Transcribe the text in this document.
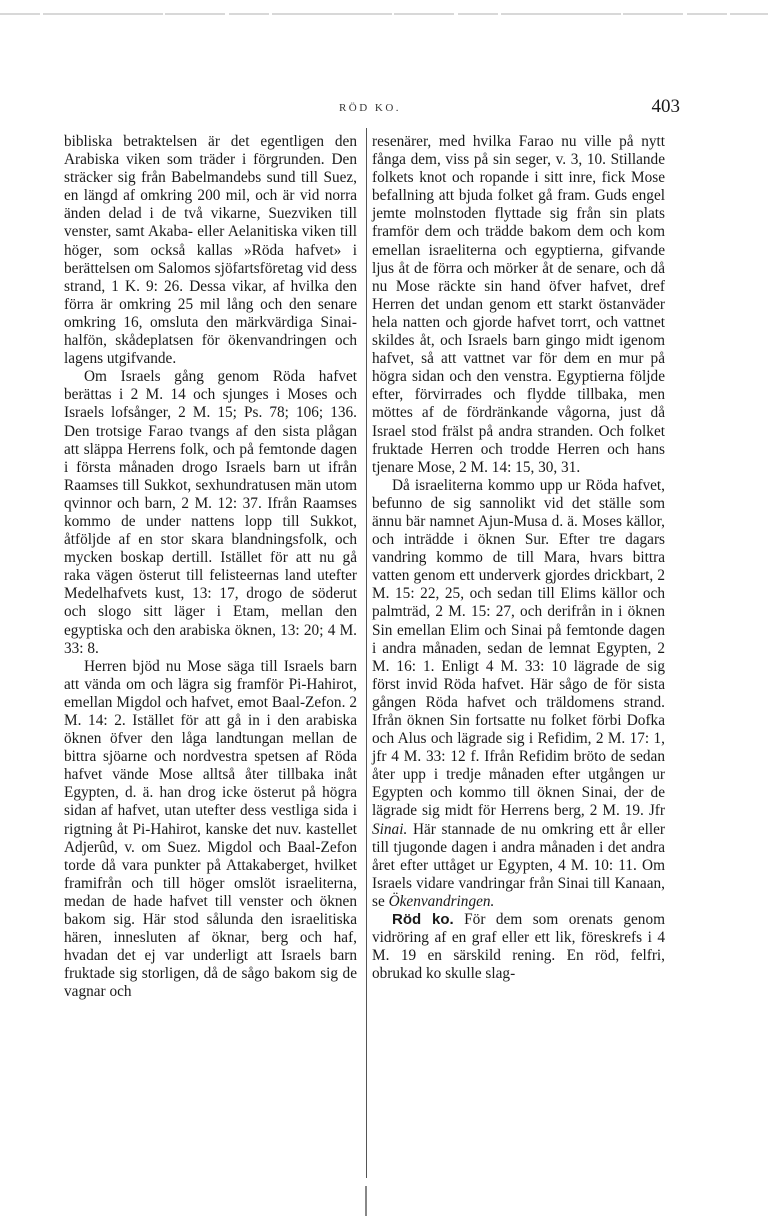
RÖD KO.	403

bibliska betraktelsen är det egentligen den Arabiska viken som träder i förgrunden. Den sträcker sig från Babelmandebs sund till Suez, en längd af omkring 200 mil, och är vid norra änden delad i de två vikarne, Suezviken till venster, samt Akaba- eller Aelanitiska viken till höger, som också kallas »Röda hafvet» i berättelsen om Salomos sjöfartsföretag vid dess strand, 1 K. 9: 26. Dessa vikar, af hvilka den förra är omkring 25 mil lång och den senare omkring 16, omsluta den märkvärdiga Sinai-halfön, skådeplatsen för ökenvandringen och lagens utgifvande.

Om Israels gång genom Röda hafvet berättas i 2 M. 14 och sjunges i Moses och Israels lofsånger, 2 M. 15; Ps. 78; 106; 136. Den trotsige Farao tvangs af den sista plågan att släppa Herrens folk, och på femtonde dagen i första månaden drogo Israels barn ut ifrån Raamses till Sukkot, sexhundratusen män utom qvinnor och barn, 2 M. 12: 37. Ifrån Raamses kommo de under nattens lopp till Sukkot, åtföljde af en stor skara blandningsfolk, och mycken boskap dertill. Istället för att nu gå raka vägen österut till felisteernas land utefter Medelhafvets kust, 13: 17, drogo de söderut och slogo sitt läger i Etam, mellan den egyptiska och den arabiska öknen, 13: 20; 4 M. 33: 8.

Herren bjöd nu Mose säga till Israels barn att vända om och lägra sig framför Pi-Hahirot, emellan Migdol och hafvet, emot Baal-Zefon. 2 M. 14: 2. Istället för att gå in i den arabiska öknen öfver den låga landtungan mellan de bittra sjöarne och nordvestra spetsen af Röda hafvet vände Mose alltså åter tillbaka inåt Egypten, d. ä. han drog icke österut på högra sidan af hafvet, utan utefter dess vestliga sida i rigtning åt Pi-Hahirot, kanske det nuv. kastellet Adjerûd, v. om Suez. Migdol och Baal-Zefon torde då vara punkter på Attakaberget, hvilket framifrån och till höger omslöt israeliterna, medan de hade hafvet till venster och öknen bakom sig. Här stod sålunda den israelitiska hären, innesluten af öknar, berg och haf, hvadan det ej var underligt att Israels barn fruktade sig storligen, då de sågo bakom sig de vagnar och

resenärer, med hvilka Farao nu ville på nytt fånga dem, viss på sin seger, v. 3, 10. Stillande folkets knot och ropande i sitt inre, fick Mose befallning att bjuda folket gå fram. Guds engel jemte molnstoden flyttade sig från sin plats framför dem och trädde bakom dem och kom emellan israeliterna och egyptierna, gifvande ljus åt de förra och mörker åt de senare, och då nu Mose räckte sin hand öfver hafvet, dref Herren det undan genom ett starkt östanväder hela natten och gjorde hafvet torrt, och vattnet skildes åt, och Israels barn gingo midt igenom hafvet, så att vattnet var för dem en mur på högra sidan och den venstra. Egyptierna följde efter, förvirrades och flydde tillbaka, men möttes af de fördränkande vågorna, just då Israel stod frälst på andra stranden. Och folket fruktade Herren och trodde Herren och hans tjenare Mose, 2 M. 14: 15, 30, 31.

Då israeliterna kommo upp ur Röda hafvet, befunno de sig sannolikt vid det ställe som ännu bär namnet Ajun-Musa d. ä. Moses källor, och inträdde i öknen Sur. Efter tre dagars vandring kommo de till Mara, hvars bittra vatten genom ett underverk gjordes drickbart, 2 M. 15: 22, 25, och sedan till Elims källor och palmträd, 2 M. 15: 27, och derifrån in i öknen Sin emellan Elim och Sinai på femtonde dagen i andra månaden, sedan de lemnat Egypten, 2 M. 16: 1. Enligt 4 M. 33: 10 lägrade de sig först invid Röda hafvet. Här sågo de för sista gången Röda hafvet och träldomens strand. Ifrån öknen Sin fortsatte nu folket förbi Dofka och Alus och lägrade sig i Refidim, 2 M. 17: 1, jfr 4 M. 33: 12 f. Ifrån Refidim bröto de sedan åter upp i tredje månaden efter utgången ur Egypten och kommo till öknen Sinai, der de lägrade sig midt för Herrens berg, 2 M. 19. Jfr Sinai. Här stannade de nu omkring ett år eller till tjugonde dagen i andra månaden i det andra året efter uttåget ur Egypten, 4 M. 10: 11. Om Israels vidare vandringar från Sinai till Kanaan, se Ökenvandringen.

Röd ko. För dem som orenats genom vidröring af en graf eller ett lik, föreskrefs i 4 M. 19 en särskild rening. En röd, felfri, obrukad ko skulle slag-
